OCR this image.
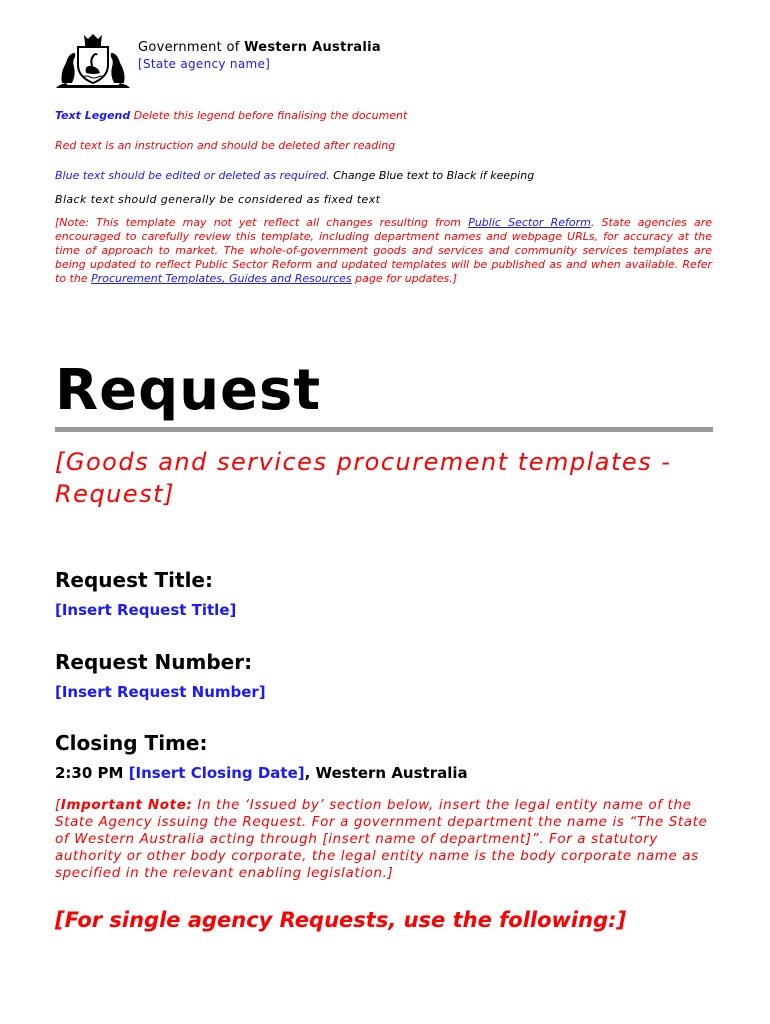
Government of Western Australia
[State agency name]
Text Legend Delete this legend before finalising the document
Red text is an instruction and should be deleted after reading
Blue text should be edited or deleted as required. Change Blue text to Black if keeping
Black text should generally be considered as fixed text
[Note: This template may not yet reflect all changes resulting from Public Sector Reform. State agencies are encouraged to carefully review this template, including department names and webpage URLs, for accuracy at the time of approach to market. The whole-of-government goods and services and community services templates are being updated to reflect Public Sector Reform and updated templates will be published as and when available. Refer to the Procurement Templates, Guides and Resources page for updates.]
Request
[Goods and services procurement templates - Request]
Request Title:
[Insert Request Title]
Request Number:
[Insert Request Number]
Closing Time:
2:30 PM [Insert Closing Date], Western Australia
[Important Note: In the ‘Issued by’ section below, insert the legal entity name of the State Agency issuing the Request. For a government department the name is “The State of Western Australia acting through [insert name of department]”. For a statutory authority or other body corporate, the legal entity name is the body corporate name as specified in the relevant enabling legislation.]
[For single agency Requests, use the following:]
